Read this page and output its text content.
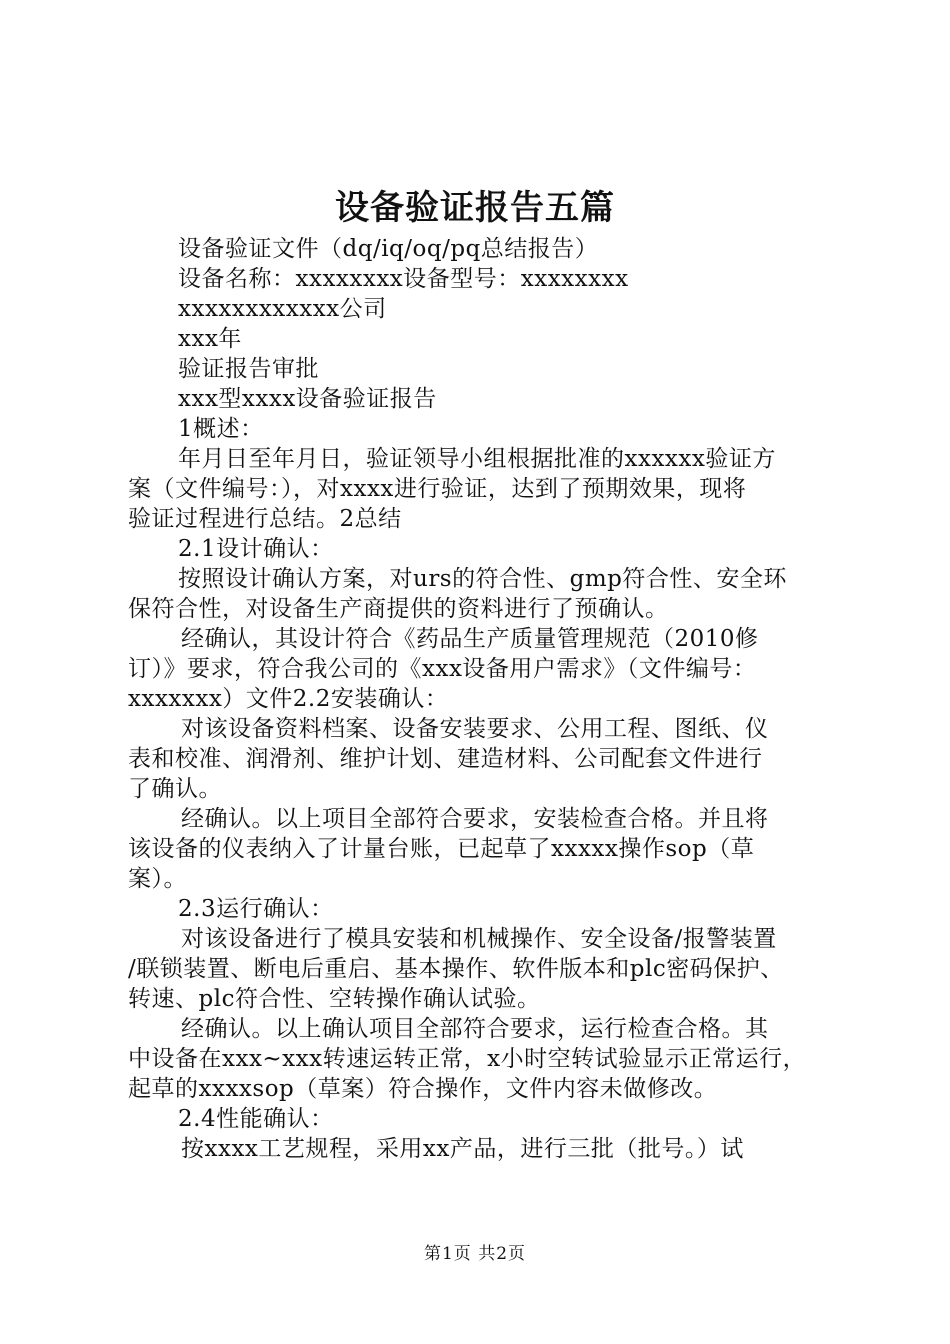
设备验证报告五篇
设备验证文件（dq/iq/oq/pq总结报告）
设备名称：xxxxxxxx设备型号：xxxxxxxx
xxxxxxxxxxxx公司
xxx年
验证报告审批
xxx型xxxx设备验证报告
1概述：
年月日至年月日，验证领导小组根据批准的xxxxxx验证方
案（文件编号：），对xxxx进行验证，达到了预期效果，现将
验证过程进行总结。2总结
2.1设计确认：
按照设计确认方案，对urs的符合性、gmp符合性、安全环
保符合性，对设备生产商提供的资料进行了预确认。
经确认，其设计符合《药品生产质量管理规范（2010修
订）》要求，符合我公司的《xxx设备用户需求》（文件编号：
xxxxxxx）文件2.2安装确认：
对该设备资料档案、设备安装要求、公用工程、图纸、仪
表和校准、润滑剂、维护计划、建造材料、公司配套文件进行
了确认。
经确认。以上项目全部符合要求，安装检查合格。并且将
该设备的仪表纳入了计量台账，已起草了xxxxx操作sop（草
案）。
2.3运行确认：
对该设备进行了模具安装和机械操作、安全设备/报警装置
/联锁装置、断电后重启、基本操作、软件版本和plc密码保护、
转速、plc符合性、空转操作确认试验。
经确认。以上确认项目全部符合要求，运行检查合格。其
中设备在xxx~xxx转速运转正常，x小时空转试验显示正常运行，
起草的xxxxsop（草案）符合操作，文件内容未做修改。
2.4性能确认：
按xxxx工艺规程，采用xx产品，进行三批（批号。）试
第1页 共2页
